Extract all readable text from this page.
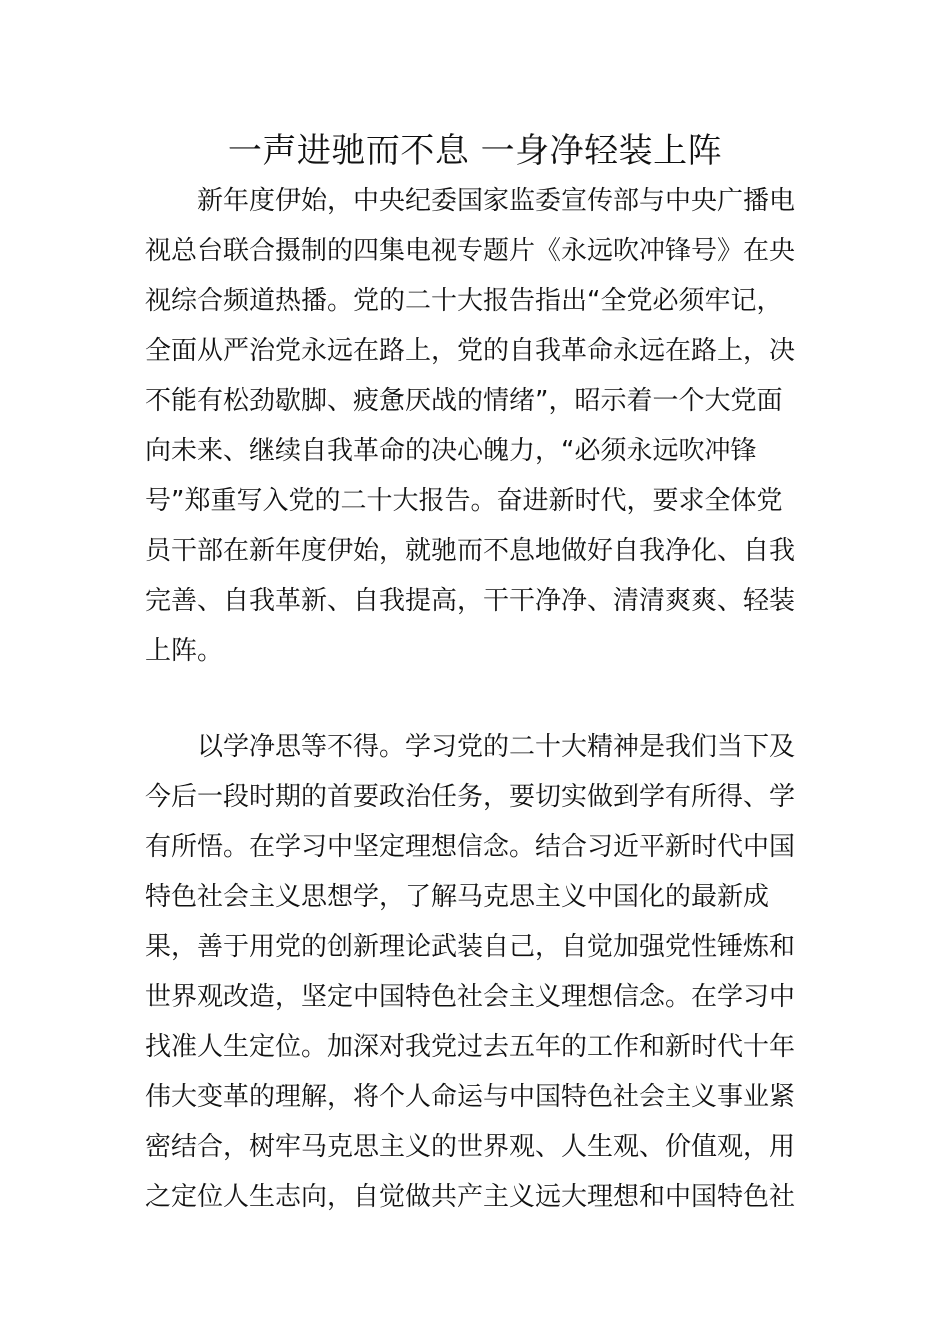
一声进驰而不息 一身净轻装上阵
新年度伊始，中央纪委国家监委宣传部与中央广播电
视总台联合摄制的四集电视专题片《永远吹冲锋号》在央
视综合频道热播。党的二十大报告指出“全党必须牢记，
全面从严治党永远在路上，党的自我革命永远在路上，决
不能有松劲歇脚、疲惫厌战的情绪”，昭示着一个大党面
向未来、继续自我革命的决心魄力，“必须永远吹冲锋
号”郑重写入党的二十大报告。奋进新时代，要求全体党
员干部在新年度伊始，就驰而不息地做好自我净化、自我
完善、自我革新、自我提高，干干净净、清清爽爽、轻装
上阵。
以学净思等不得。学习党的二十大精神是我们当下及
今后一段时期的首要政治任务，要切实做到学有所得、学
有所悟。在学习中坚定理想信念。结合习近平新时代中国
特色社会主义思想学，了解马克思主义中国化的最新成
果，善于用党的创新理论武装自己，自觉加强党性锤炼和
世界观改造，坚定中国特色社会主义理想信念。在学习中
找准人生定位。加深对我党过去五年的工作和新时代十年
伟大变革的理解，将个人命运与中国特色社会主义事业紧
密结合，树牢马克思主义的世界观、人生观、价值观，用
之定位人生志向，自觉做共产主义远大理想和中国特色社
